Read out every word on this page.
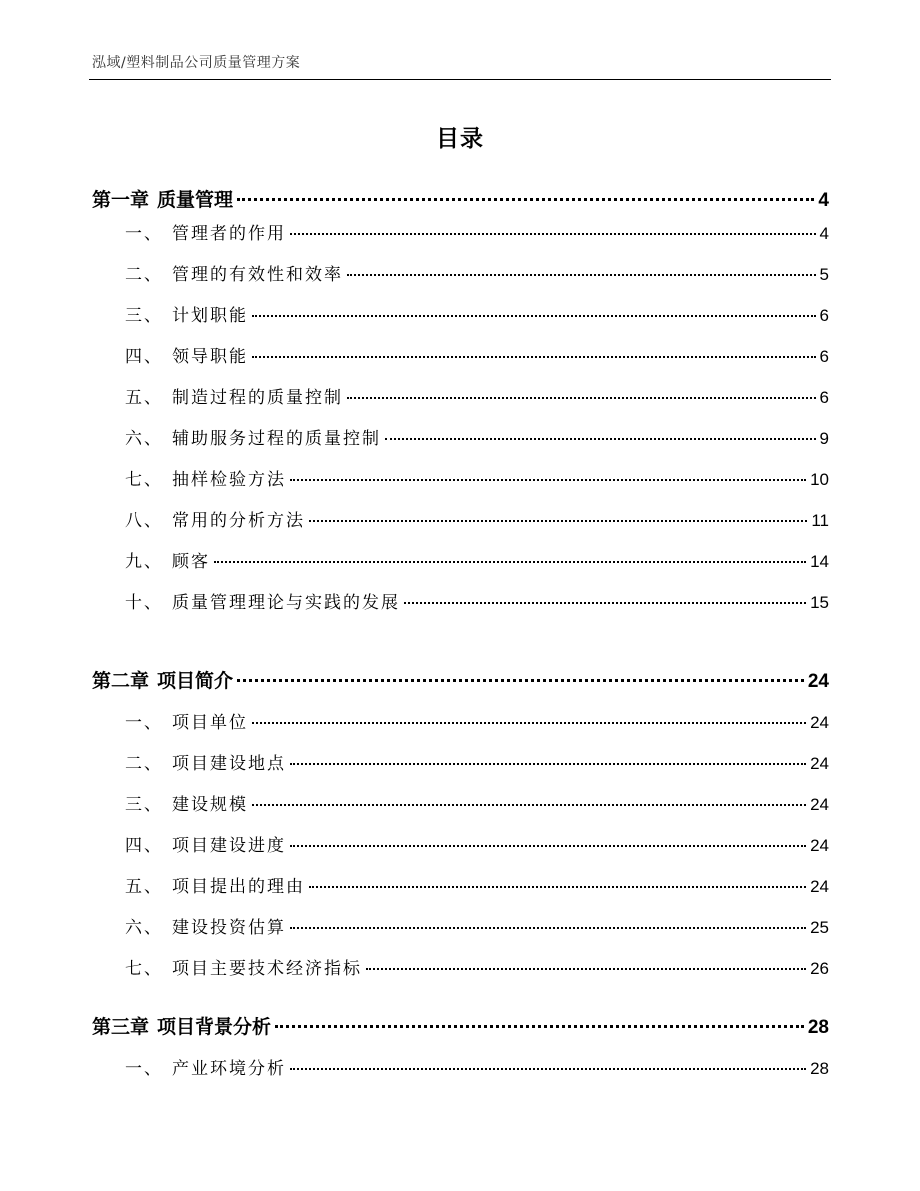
泓域/塑料制品公司质量管理方案
目录
第一章 质量管理	4
一、 管理者的作用	4
二、 管理的有效性和效率	5
三、 计划职能	6
四、 领导职能	6
五、 制造过程的质量控制	6
六、 辅助服务过程的质量控制	9
七、 抽样检验方法	10
八、 常用的分析方法	11
九、 顾客	14
十、 质量管理理论与实践的发展	15
第二章 项目简介	24
一、 项目单位	24
二、 项目建设地点	24
三、 建设规模	24
四、 项目建设进度	24
五、 项目提出的理由	24
六、 建设投资估算	25
七、 项目主要技术经济指标	26
第三章 项目背景分析	28
一、 产业环境分析	28
